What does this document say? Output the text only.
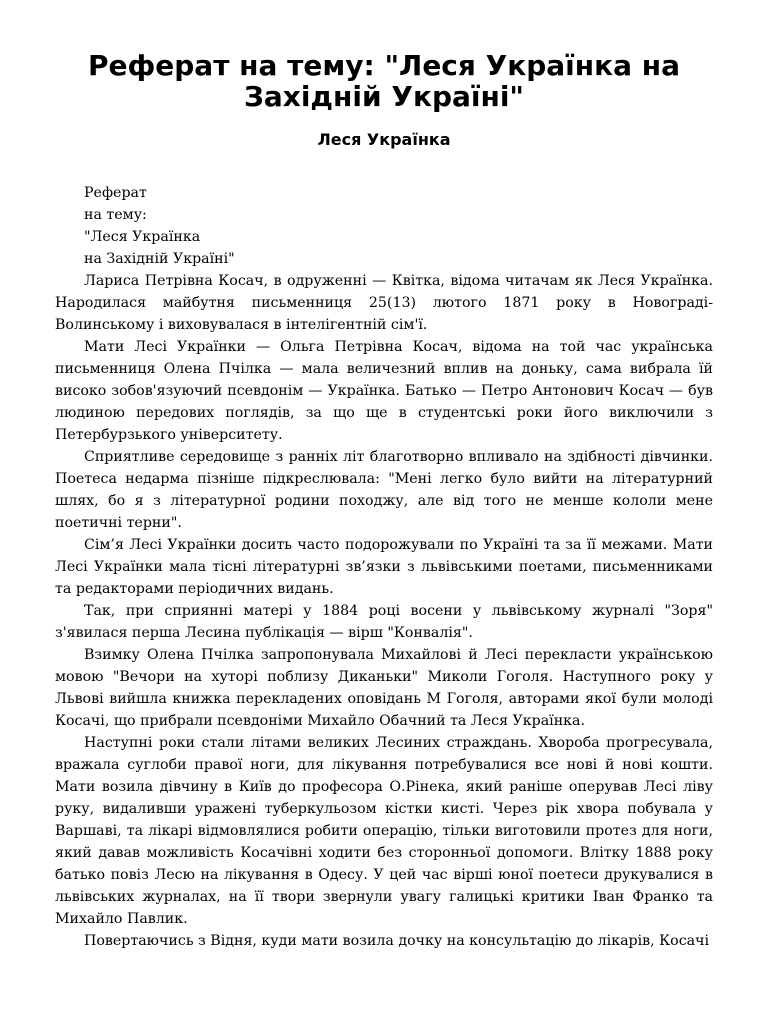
Реферат на тему: "Леся Українка на Західній Україні"
Леся Українка
Реферат
на тему:
"Леся Українка
на Західній Україні"

Лариса Петрівна Косач, в одруженні — Квітка, відома читачам як Леся Українка. Народилася майбутня письменниця 25(13) лютого 1871 року в Новограді-Волинському і виховувалася в інтелігентній сім'ї.

Мати Лесі Українки — Ольга Петрівна Косач, відома на той час українська письменниця Олена Пчілка — мала величезний вплив на доньку, сама вибрала їй високо зобов'язуючий псевдонім — Українка. Батько — Петро Антонович Косач — був людиною передових поглядів, за що ще в студентські роки його виключили з Петербурзького університету.

Сприятливе середовище з ранніх літ благотворно впливало на здібності дівчинки. Поетеса недарма пізніше підкреслювала: "Мені легко було вийти на літературний шлях, бо я з літературної родини походжу, але від того не менше кололи мене поетичні терни".

Сім’я Лесі Українки досить часто подорожували по Україні та за її межами. Мати Лесі Українки мала тісні літературні зв’язки з львівськими поетами, письменниками та редакторами періодичних видань.

Так, при сприянні матері у 1884 році восени у львівському журналі "Зоря" з'явилася перша Лесина публікація — вірш "Конвалія".

Взимку Олена Пчілка запропонувала Михайлові й Лесі перекласти українською мовою "Вечори на хуторі поблизу Диканьки" Миколи Гоголя. Наступного року у Львові вийшла книжка перекладених оповідань М Гоголя, авторами якої були молоді Косачі, що прибрали псевдоніми Михайло Обачний та Леся Українка.

Наступні роки стали літами великих Лесиних страждань. Хвороба прогресувала, вражала суглоби правої ноги, для лікування потребувалися все нові й нові кошти. Мати возила дівчину в Київ до професора О.Рінека, який раніше оперував Лесі ліву руку, видаливши уражені туберкульозом кістки кисті. Через рік хвора побувала у Варшаві, та лікарі відмовлялися робити операцію, тільки виготовили протез для ноги, який давав можливість Косачівні ходити без сторонньої допомоги. Влітку 1888 року батько повіз Лесю на лікування в Одесу. У цей час вірші юної поетеси друкувалися в львівських журналах, на її твори звернули увагу галицькі критики Іван Франко та Михайло Павлик.

Повертаючись з Відня, куди мати возила дочку на консультацію до лікарів, Косачі
